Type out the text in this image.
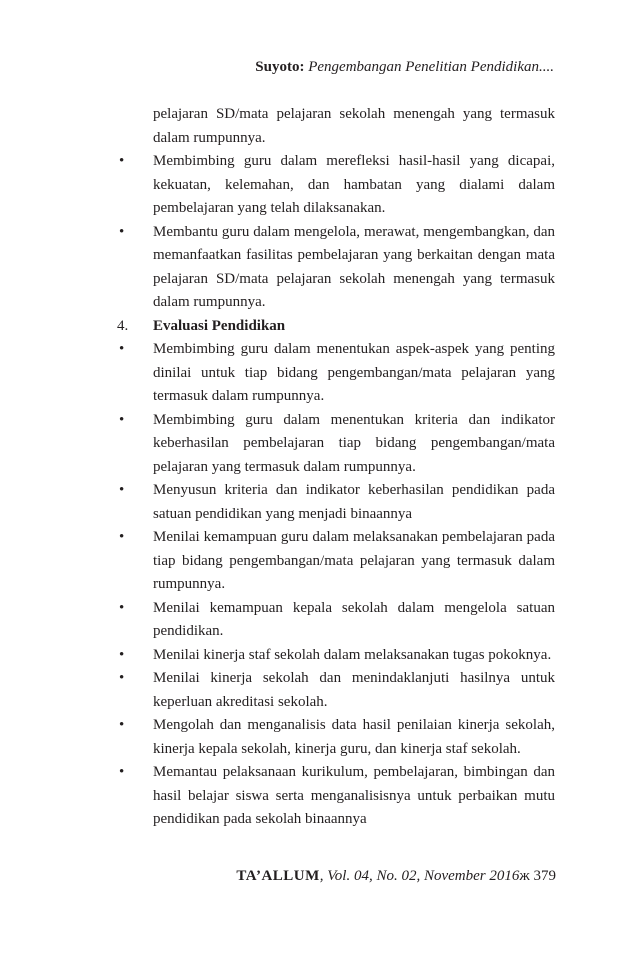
Suyoto: Pengembangan Penelitian Pendidikan....
pelajaran SD/mata pelajaran sekolah menengah yang termasuk dalam rumpunnya.
•	Membimbing guru dalam merefleksi hasil-hasil yang dicapai, kekuatan, kelemahan, dan hambatan yang dialami dalam pembelajaran yang telah dilaksanakan.
•	Membantu guru dalam mengelola, merawat, mengembangkan, dan memanfaatkan fasilitas pembelajaran yang berkaitan dengan mata pelajaran SD/mata pelajaran sekolah menengah yang termasuk dalam rumpunnya.
4.	Evaluasi Pendidikan
•	Membimbing guru dalam menentukan aspek-aspek yang penting dinilai untuk tiap bidang pengembangan/mata pelajaran yang termasuk dalam rumpunnya.
•	Membimbing guru dalam menentukan kriteria dan indikator keberhasilan pembelajaran tiap bidang pengembangan/mata pelajaran yang termasuk dalam rumpunnya.
•	Menyusun kriteria dan indikator keberhasilan pendidikan pada satuan pendidikan yang menjadi binaannya
•	Menilai kemampuan guru dalam melaksanakan pembelajaran pada tiap bidang pengembangan/mata pelajaran yang termasuk dalam rumpunnya.
•	Menilai kemampuan kepala sekolah dalam mengelola satuan pendidikan.
•	Menilai kinerja staf sekolah dalam melaksanakan tugas pokoknya.
•	Menilai kinerja sekolah dan menindaklanjuti hasilnya untuk keperluan akreditasi sekolah.
•	Mengolah dan menganalisis data hasil penilaian kinerja sekolah, kinerja kepala sekolah, kinerja guru, dan kinerja staf sekolah.
•	Memantau pelaksanaan kurikulum, pembelajaran, bimbingan dan hasil belajar siswa serta menganalisisnya untuk perbaikan mutu pendidikan pada sekolah binaannya
TA’ALLUM, Vol. 04, No. 02, November 2016ж 379
